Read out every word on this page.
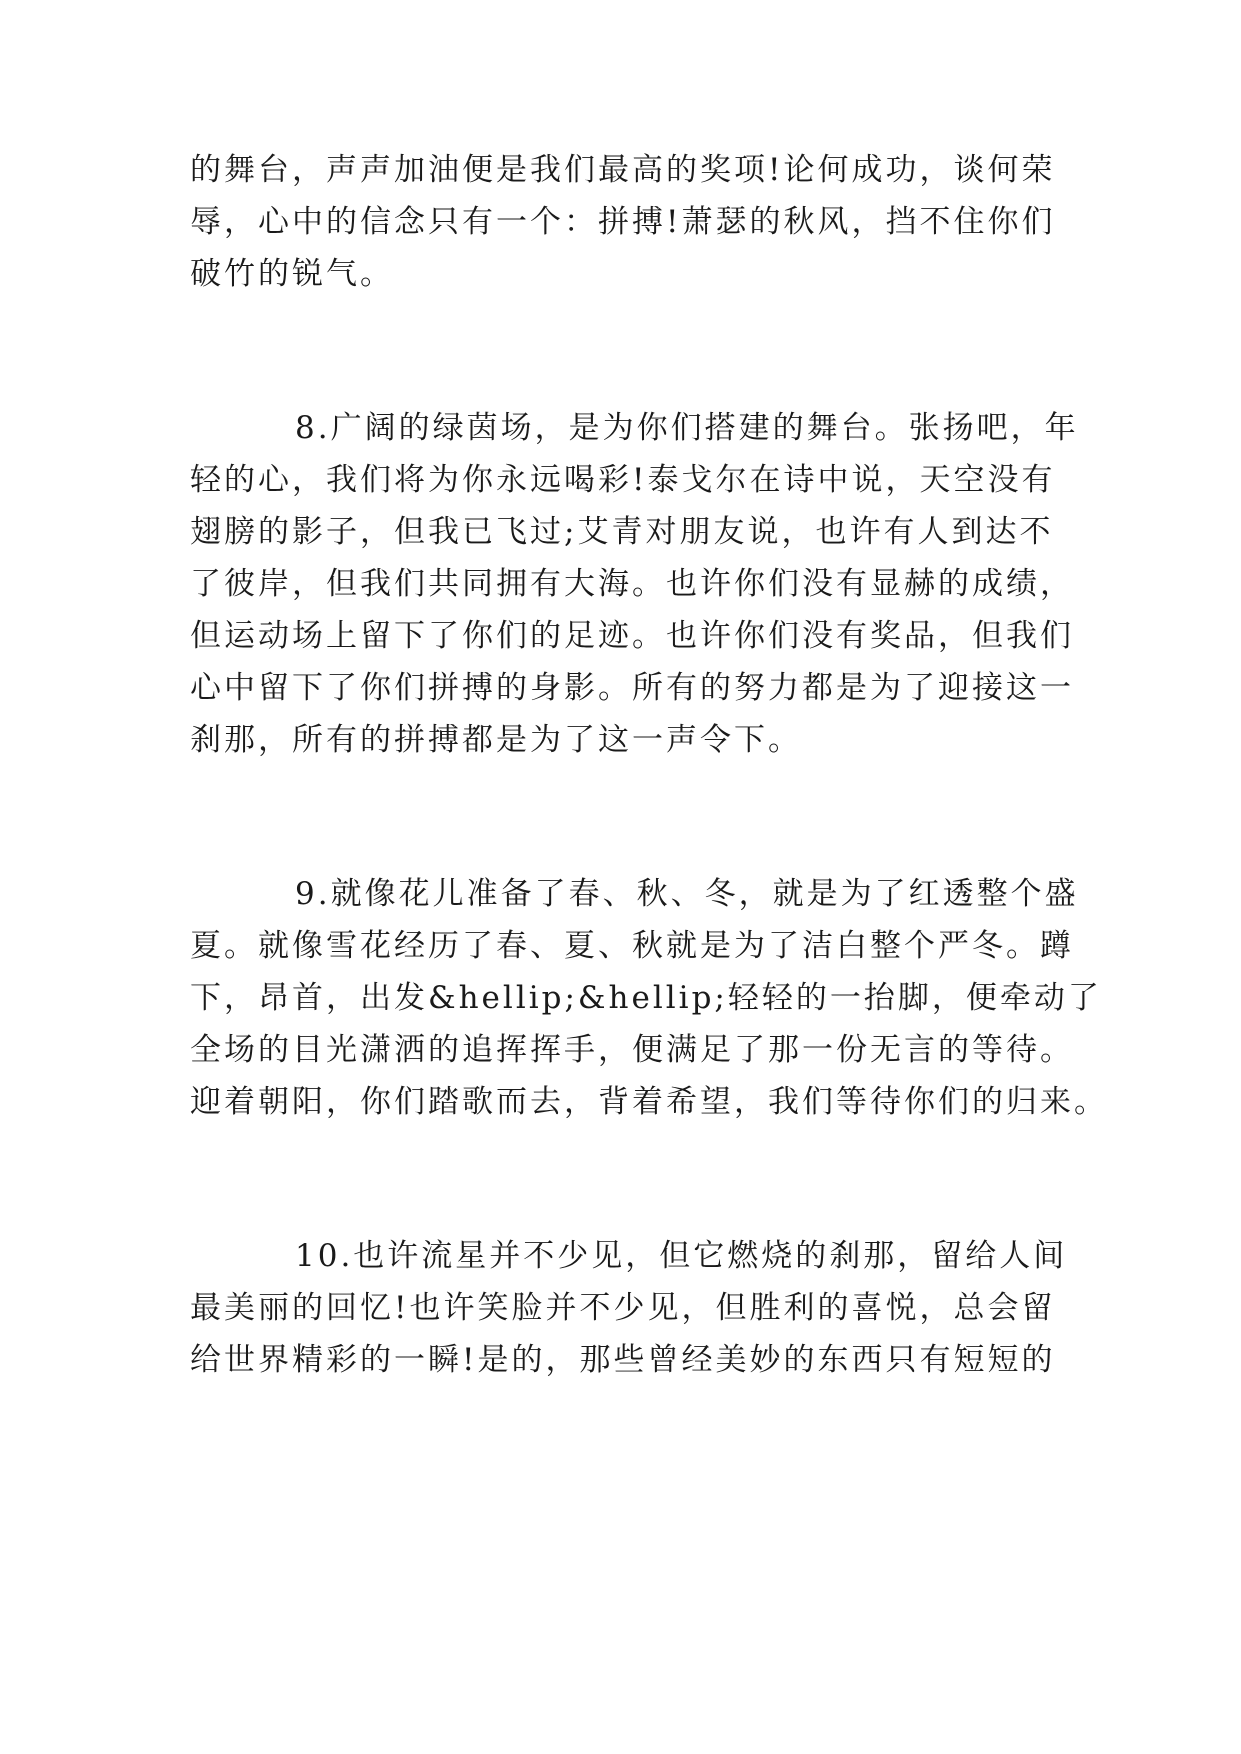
的舞台，声声加油便是我们最高的奖项!论何成功，谈何荣
辱，心中的信念只有一个：拼搏!萧瑟的秋风，挡不住你们
破竹的锐气。
8.广阔的绿茵场，是为你们搭建的舞台。张扬吧，年
轻的心，我们将为你永远喝彩!泰戈尔在诗中说，天空没有
翅膀的影子，但我已飞过;艾青对朋友说，也许有人到达不
了彼岸，但我们共同拥有大海。也许你们没有显赫的成绩，
但运动场上留下了你们的足迹。也许你们没有奖品，但我们
心中留下了你们拼搏的身影。所有的努力都是为了迎接这一
刹那，所有的拼搏都是为了这一声令下。
9.就像花儿准备了春、秋、冬，就是为了红透整个盛
夏。就像雪花经历了春、夏、秋就是为了洁白整个严冬。蹲
下，昂首，出发&hellip;&hellip;轻轻的一抬脚，便牵动了
全场的目光潇洒的追挥挥手，便满足了那一份无言的等待。
迎着朝阳，你们踏歌而去，背着希望，我们等待你们的归来。
10.也许流星并不少见，但它燃烧的刹那，留给人间
最美丽的回忆!也许笑脸并不少见，但胜利的喜悦，总会留
给世界精彩的一瞬!是的，那些曾经美妙的东西只有短短的
